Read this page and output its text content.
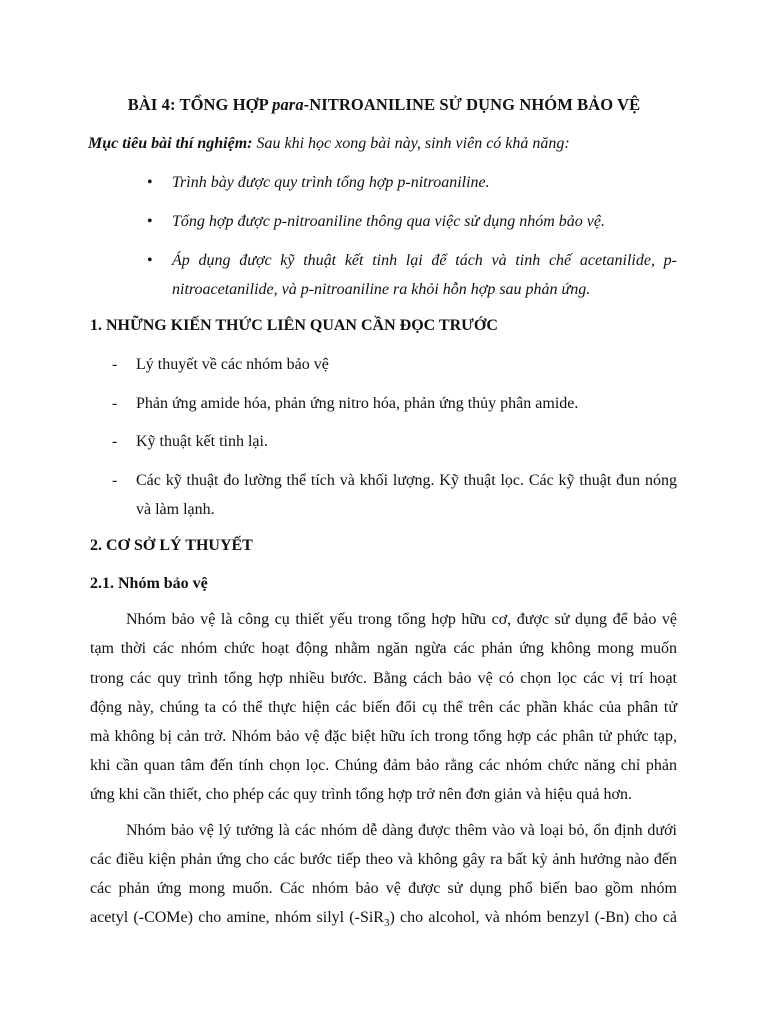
BÀI 4: TỔNG HỢP para-NITROANILINE SỬ DỤNG NHÓM BẢO VỆ
Mục tiêu bài thí nghiệm: Sau khi học xong bài này, sinh viên có khả năng:
• Trình bày được quy trình tổng hợp p-nitroaniline.
• Tổng hợp được p-nitroaniline thông qua việc sử dụng nhóm bảo vệ.
• Áp dụng được kỹ thuật kết tinh lại để tách và tinh chế acetanilide, p-
nitroacetanilide, và p-nitroaniline ra khỏi hỗn hợp sau phản ứng.
1. NHỮNG KIẾN THỨC LIÊN QUAN CẦN ĐỌC TRƯỚC
- Lý thuyết về các nhóm bảo vệ
- Phản ứng amide hóa, phản ứng nitro hóa, phản ứng thủy phân amide.
- Kỹ thuật kết tinh lại.
- Các kỹ thuật đo lường thể tích và khối lượng. Kỹ thuật lọc. Các kỹ thuật đun nóng
và làm lạnh.
2. CƠ SỞ LÝ THUYẾT
2.1. Nhóm bảo vệ
Nhóm bảo vệ là công cụ thiết yếu trong tổng hợp hữu cơ, được sử dụng để bảo vệ
tạm thời các nhóm chức hoạt động nhằm ngăn ngừa các phản ứng không mong muốn
trong các quy trình tổng hợp nhiều bước. Bằng cách bảo vệ có chọn lọc các vị trí hoạt
động này, chúng ta có thể thực hiện các biến đổi cụ thể trên các phần khác của phân tử
mà không bị cản trở. Nhóm bảo vệ đặc biệt hữu ích trong tổng hợp các phân tử phức tạp,
khi cần quan tâm đến tính chọn lọc. Chúng đảm bảo rằng các nhóm chức năng chỉ phản
ứng khi cần thiết, cho phép các quy trình tổng hợp trở nên đơn giản và hiệu quả hơn.
Nhóm bảo vệ lý tưởng là các nhóm dễ dàng được thêm vào và loại bỏ, ổn định dưới
các điều kiện phản ứng cho các bước tiếp theo và không gây ra bất kỳ ảnh hưởng nào đến
các phản ứng mong muốn. Các nhóm bảo vệ được sử dụng phổ biến bao gồm nhóm
acetyl (-COMe) cho amine, nhóm silyl (-SiR$_3$) cho alcohol, và nhóm benzyl (-Bn) cho cả
